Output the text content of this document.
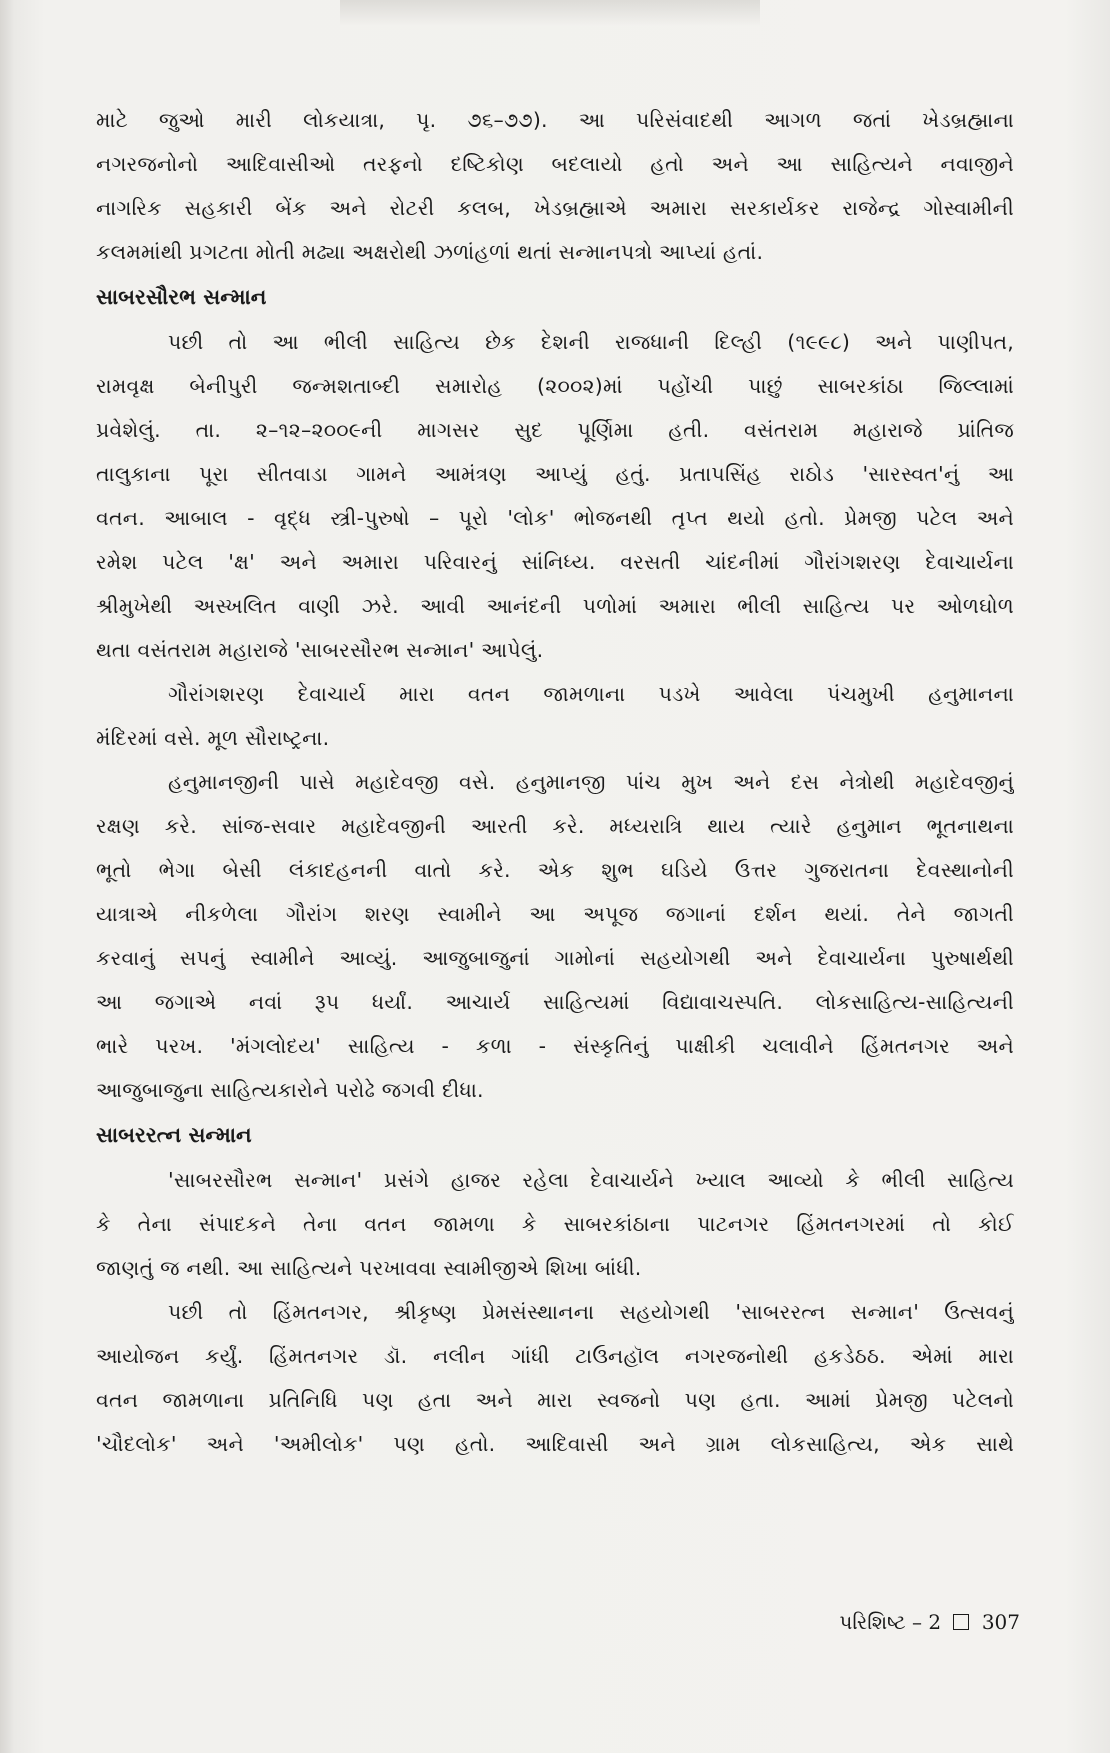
માટે જુઓ મારી લોકયાત્રા, પૃ. ૭૬–૭૭). આ પરિસંવાદથી આગળ જતાં ખેડબ્રહ્માના
નગરજનોનો આદિવાસીઓ તરફનો દષ્ટિકોણ બદલાયો હતો અને આ સાહિત્યને નવાજીને
નાગરિક સહકારી બેંક અને રોટરી કલબ, ખેડબ્રહ્માએ અમારા સરકાર્યકર રાજેન્દ્ર ગોસ્વામીની
કલમમાંથી પ્રગટતા મોતી મઢ્યા અક્ષરોથી ઝળાંહળાં થતાં સન્માનપત્રો આપ્યાં હતાં.
સાબરસૌરભ સન્માન
પછી તો આ ભીલી સાહિત્ય છેક દેશની રાજધાની દિલ્હી (૧૯૯૮) અને પાણીપત,
રામવૃક્ષ બેનીપુરી જન્મશતાબ્દી સમારોહ (૨૦૦૨)માં પહોંચી પાછું સાબરકાંઠા જિલ્લામાં
પ્રવેશેલું. તા. ૨–૧૨–૨૦૦૯ની માગસર સુદ પૂર્ણિમા હતી. વસંતરામ મહારાજે પ્રાંતિજ
તાલુકાના પૂરા સીતવાડા ગામને આમંત્રણ આપ્યું હતું. પ્રતાપસિંહ રાઠોડ 'સારસ્વત'નું આ
વતન. આબાલ - વૃદ્ધ સ્ત્રી-પુરુષો – પૂરો 'લોક' ભોજનથી તૃપ્ત થયો હતો. પ્રેમજી પટેલ અને
રમેશ પટેલ 'ક્ષ' અને અમારા પરિવારનું સાંનિધ્ય. વરસતી ચાંદનીમાં ગૌરાંગશરણ દેવાચાર્યના
શ્રીમુખેથી અસ્ખલિત વાણી ઝરે. આવી આનંદની પળોમાં અમારા ભીલી સાહિત્ય પર ઓળઘોળ
થતા વસંતરામ મહારાજે 'સાબરસૌરભ સન્માન' આપેલું.
ગૌરાંગશરણ દેવાચાર્ય મારા વતન જામળાના પડખે આવેલા પંચમુખી હનુમાનના
મંદિરમાં વસે. મૂળ સૌરાષ્ટ્રના.
હનુમાનજીની પાસે મહાદેવજી વસે. હનુમાનજી પાંચ મુખ અને દસ નેત્રોથી મહાદેવજીનું
રક્ષણ કરે. સાંજ-સવાર મહાદેવજીની આરતી કરે. મધ્યરાત્રિ થાય ત્યારે હનુમાન ભૂતનાથના
ભૂતો ભેગા બેસી લંકાદહનની વાતો કરે. એક શુભ ઘડિયે ઉત્તર ગુજરાતના દેવસ્થાનોની
યાત્રાએ નીકળેલા ગૌરાંગ શરણ સ્વામીને આ અપૂજ જગાનાં દર્શન થયાં. તેને જાગતી
કરવાનું સપનું સ્વામીને આવ્યું. આજુબાજુનાં ગામોનાં સહયોગથી અને દેવાચાર્યના પુરુષાર્થથી
આ જગાએ નવાં રૂપ ધર્યાં. આચાર્ય સાહિત્યમાં વિદ્યાવાચસ્પતિ. લોકસાહિત્ય-સાહિત્યની
ભારે પરખ. 'મંગલોદય' સાહિત્ય - કળા - સંસ્કૃતિનું પાક્ષીકી ચલાવીને હિંમતનગર અને
આજુબાજુના સાહિત્યકારોને પરોઢે જગવી દીધા.
સાબરરત્ન સન્માન
'સાબરસૌરભ સન્માન' પ્રસંગે હાજર રહેલા દેવાચાર્યને ખ્યાલ આવ્યો કે ભીલી સાહિત્ય
કે તેના સંપાદકને તેના વતન જામળા કે સાબરકાંઠાના પાટનગર હિંમતનગરમાં તો કોઈ
જાણતું જ નથી. આ સાહિત્યને પરખાવવા સ્વામીજીએ શિખા બાંધી.
પછી તો હિંમતનગર, શ્રીકૃષ્ણ પ્રેમસંસ્થાનના સહયોગથી 'સાબરરત્ન સન્માન' ઉત્સવનું
આયોજન કર્યું. હિંમતનગર ડૉ. નલીન ગાંધી ટાઉનહૉલ નગરજનોથી હકડેઠઠ. એમાં મારા
વતન જામળાના પ્રતિનિધિ પણ હતા અને મારા સ્વજનો પણ હતા. આમાં પ્રેમજી પટેલનો
'ચૌદલોક' અને 'અમીલોક' પણ હતો. આદિવાસી અને ગ્રામ લોકસાહિત્ય, એક સાથે
પરિશિષ્ટ – 2 307
